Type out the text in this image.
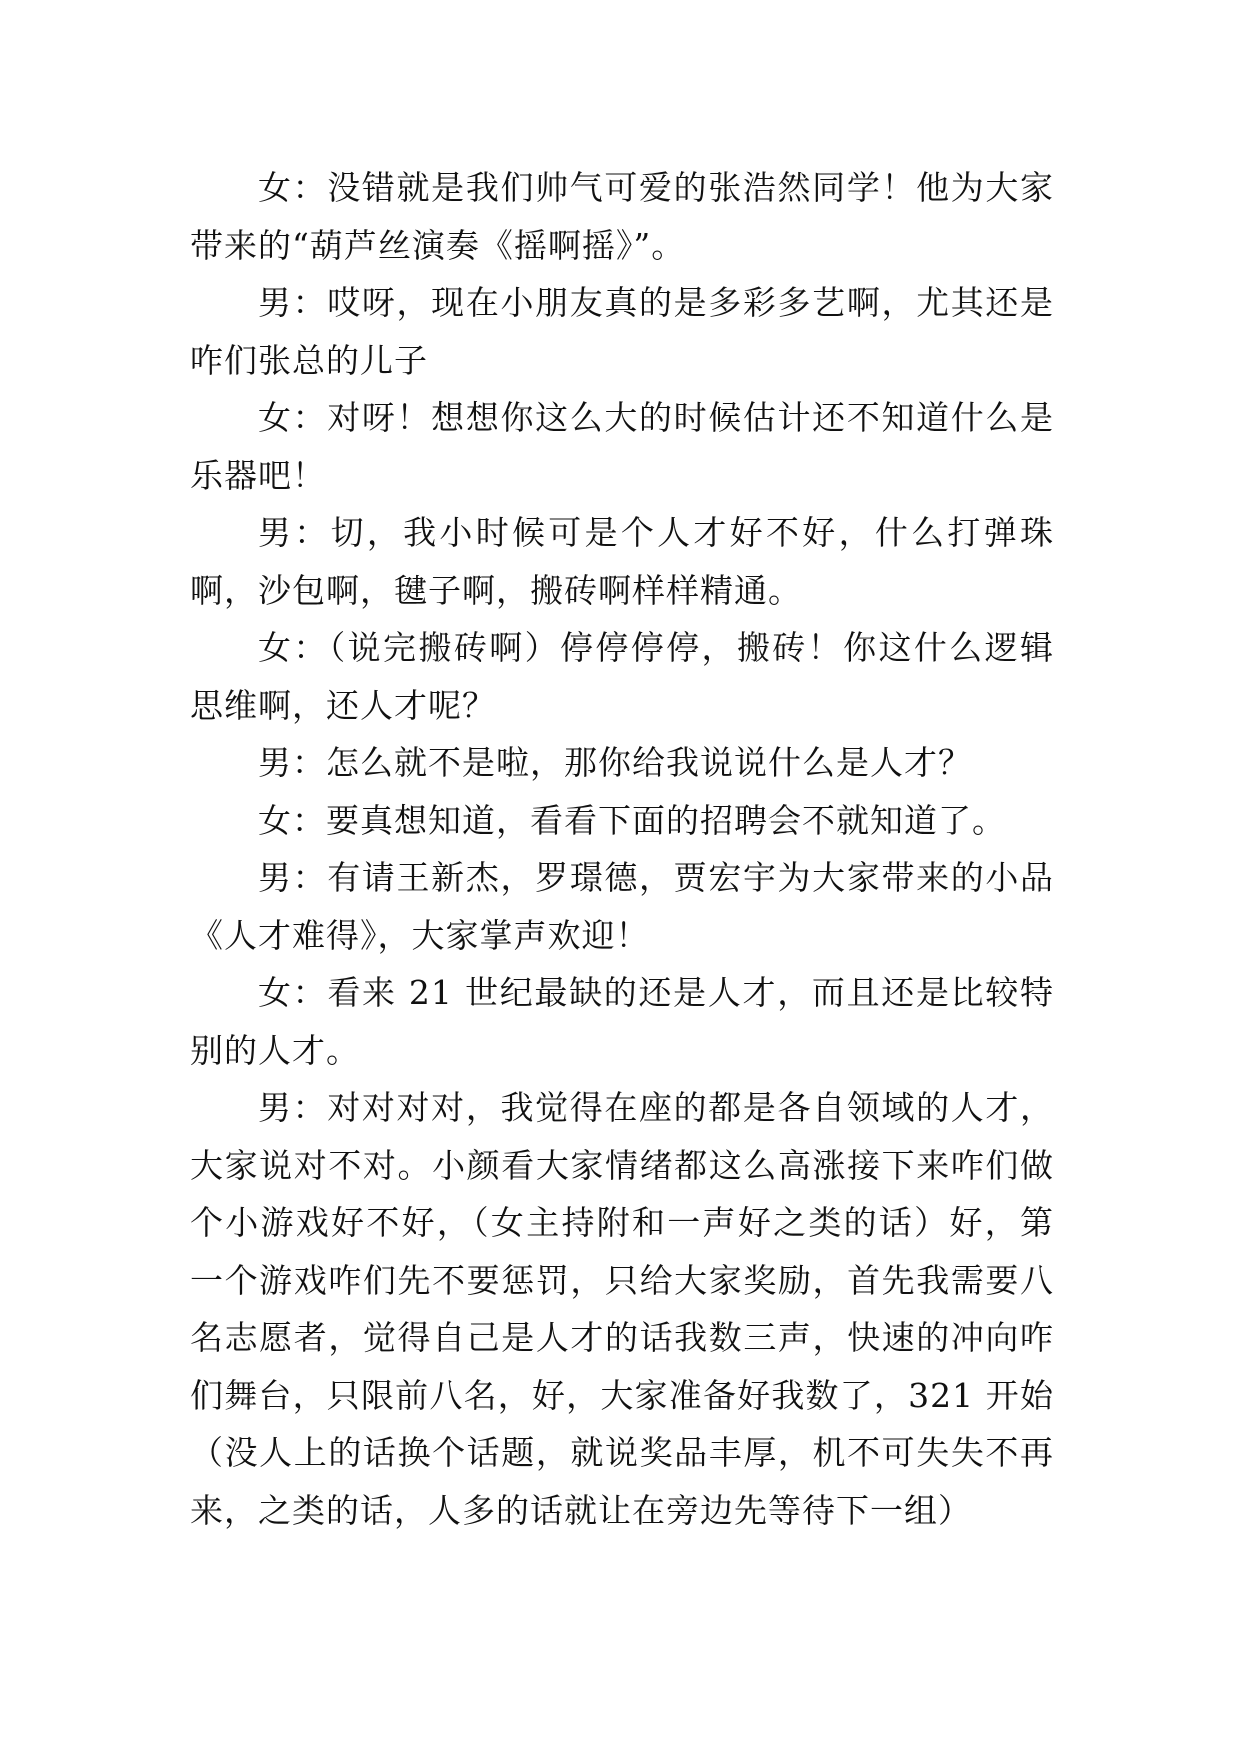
女：没错就是我们帅气可爱的张浩然同学！他为大家带来的“葫芦丝演奏《摇啊摇》”。

男：哎呀，现在小朋友真的是多彩多艺啊，尤其还是咋们张总的儿子

女：对呀！想想你这么大的时候估计还不知道什么是乐器吧！

男：切，我小时候可是个人才好不好，什么打弹珠啊，沙包啊，毽子啊，搬砖啊样样精通。

女：（说完搬砖啊）停停停停，搬砖！你这什么逻辑思维啊，还人才呢？

男：怎么就不是啦，那你给我说说什么是人才？

女：要真想知道，看看下面的招聘会不就知道了。

男：有请王新杰，罗璟德，贾宏宇为大家带来的小品《人才难得》，大家掌声欢迎！

女：看来 21 世纪最缺的还是人才，而且还是比较特别的人才。

男：对对对对，我觉得在座的都是各自领域的人才，大家说对不对。小颜看大家情绪都这么高涨接下来咋们做个小游戏好不好，（女主持附和一声好之类的话）好，第一个游戏咋们先不要惩罚，只给大家奖励，首先我需要八名志愿者，觉得自己是人才的话我数三声，快速的冲向咋们舞台，只限前八名，好，大家准备好我数了，321 开始（没人上的话换个话题，就说奖品丰厚，机不可失失不再来，之类的话，人多的话就让在旁边先等待下一组）
